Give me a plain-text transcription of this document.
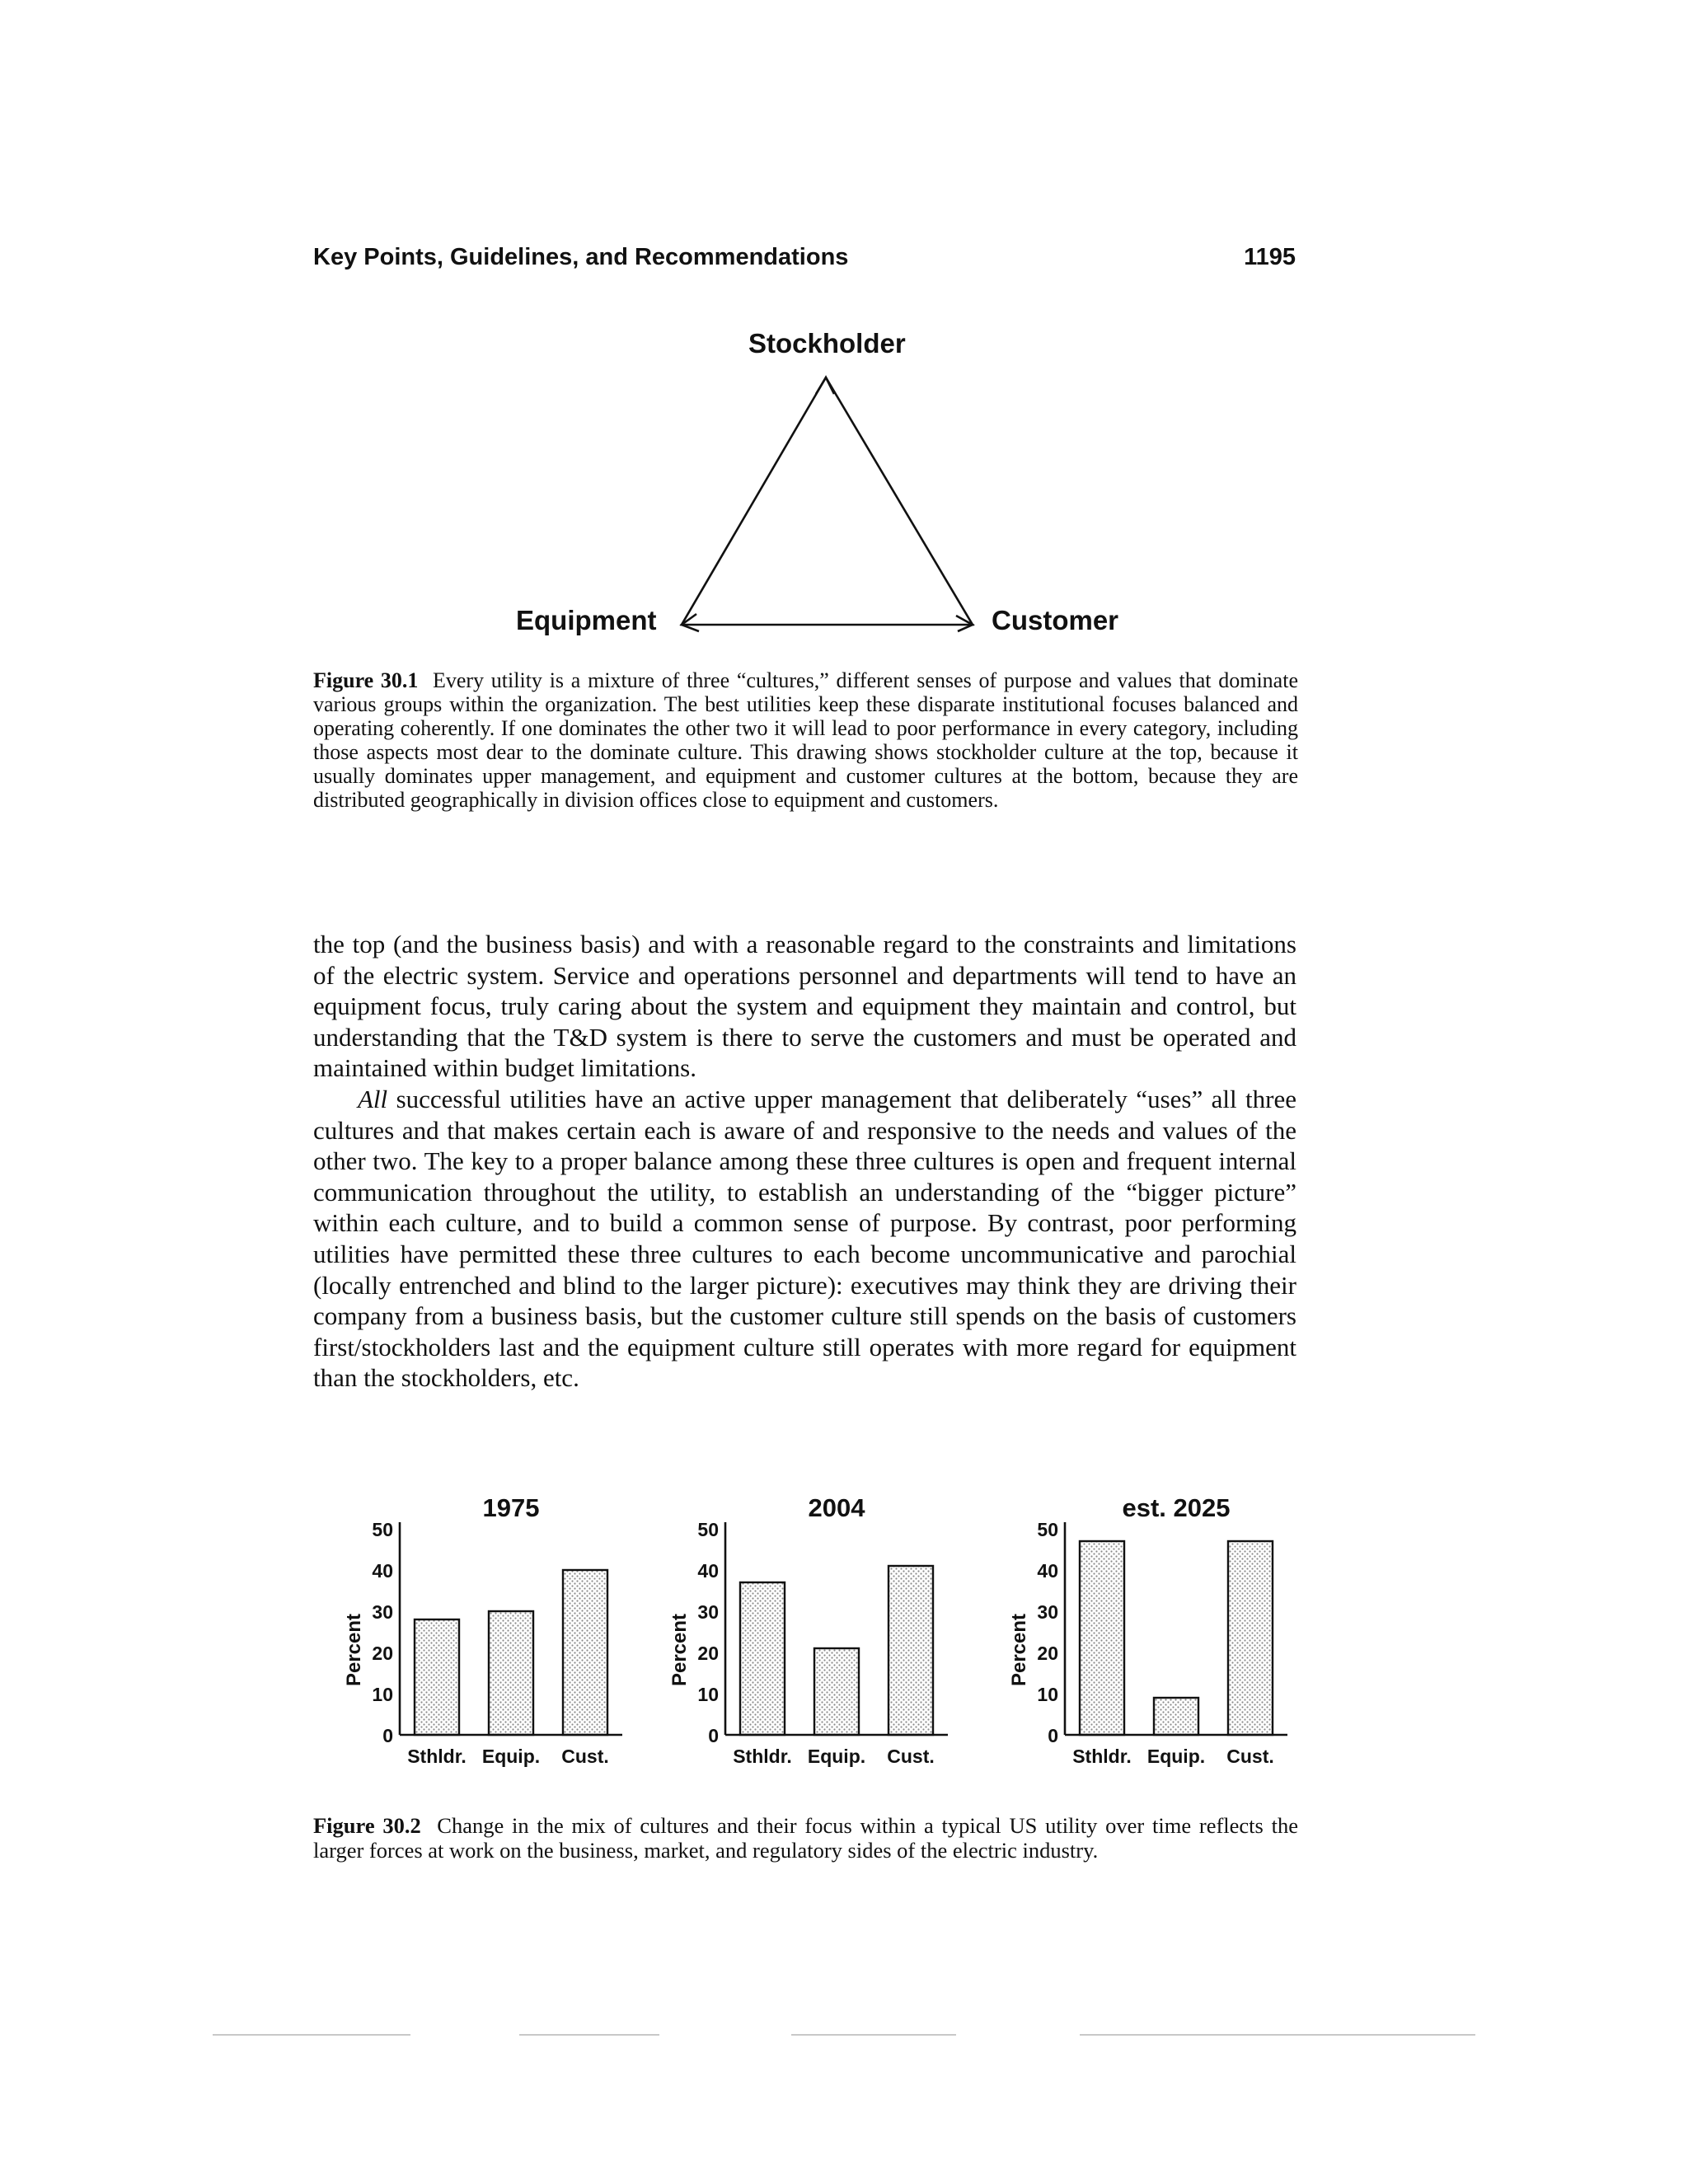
Key Points, Guidelines, and Recommendations	1195
Stockholder
Equipment	Customer
Figure 30.1 Every utility is a mixture of three “cultures,” different senses of purpose and values that dominate various groups within the organization. The best utilities keep these disparate institutional focuses balanced and operating coherently. If one dominates the other two it will lead to poor performance in every category, including those aspects most dear to the dominate culture. This drawing shows stockholder culture at the top, because it usually dominates upper management, and equipment and customer cultures at the bottom, because they are distributed geographically in division offices close to equipment and customers.

the top (and the business basis) and with a reasonable regard to the constraints and limitations of the electric system. Service and operations personnel and departments will tend to have an equipment focus, truly caring about the system and equipment they maintain and control, but understanding that the T&D system is there to serve the customers and must be operated and maintained within budget limitations.

All successful utilities have an active upper management that deliberately “uses” all three cultures and that makes certain each is aware of and responsive to the needs and values of the other two. The key to a proper balance among these three cultures is open and frequent internal communication throughout the utility, to establish an understanding of the “bigger picture” within each culture, and to build a common sense of purpose. By contrast, poor performing utilities have permitted these three cultures to each become uncommunicative and parochial (locally entrenched and blind to the larger picture): executives may think they are driving their company from a business basis, but the customer culture still spends on the basis of customers first/stockholders last and the equipment culture still operates with more regard for equipment than the stockholders, etc.

1975
0
10
20
30
40
50
Percent
Sthldr. Equip. Cust.
2004
0
10
20
30
40
50
Percent
Sthldr. Equip. Cust.
est. 2025
0
10
20
30
40
50
Percent
Sthldr. Equip. Cust.
Figure 30.2 Change in the mix of cultures and their focus within a typical US utility over time reflects the larger forces at work on the business, market, and regulatory sides of the electric industry.
